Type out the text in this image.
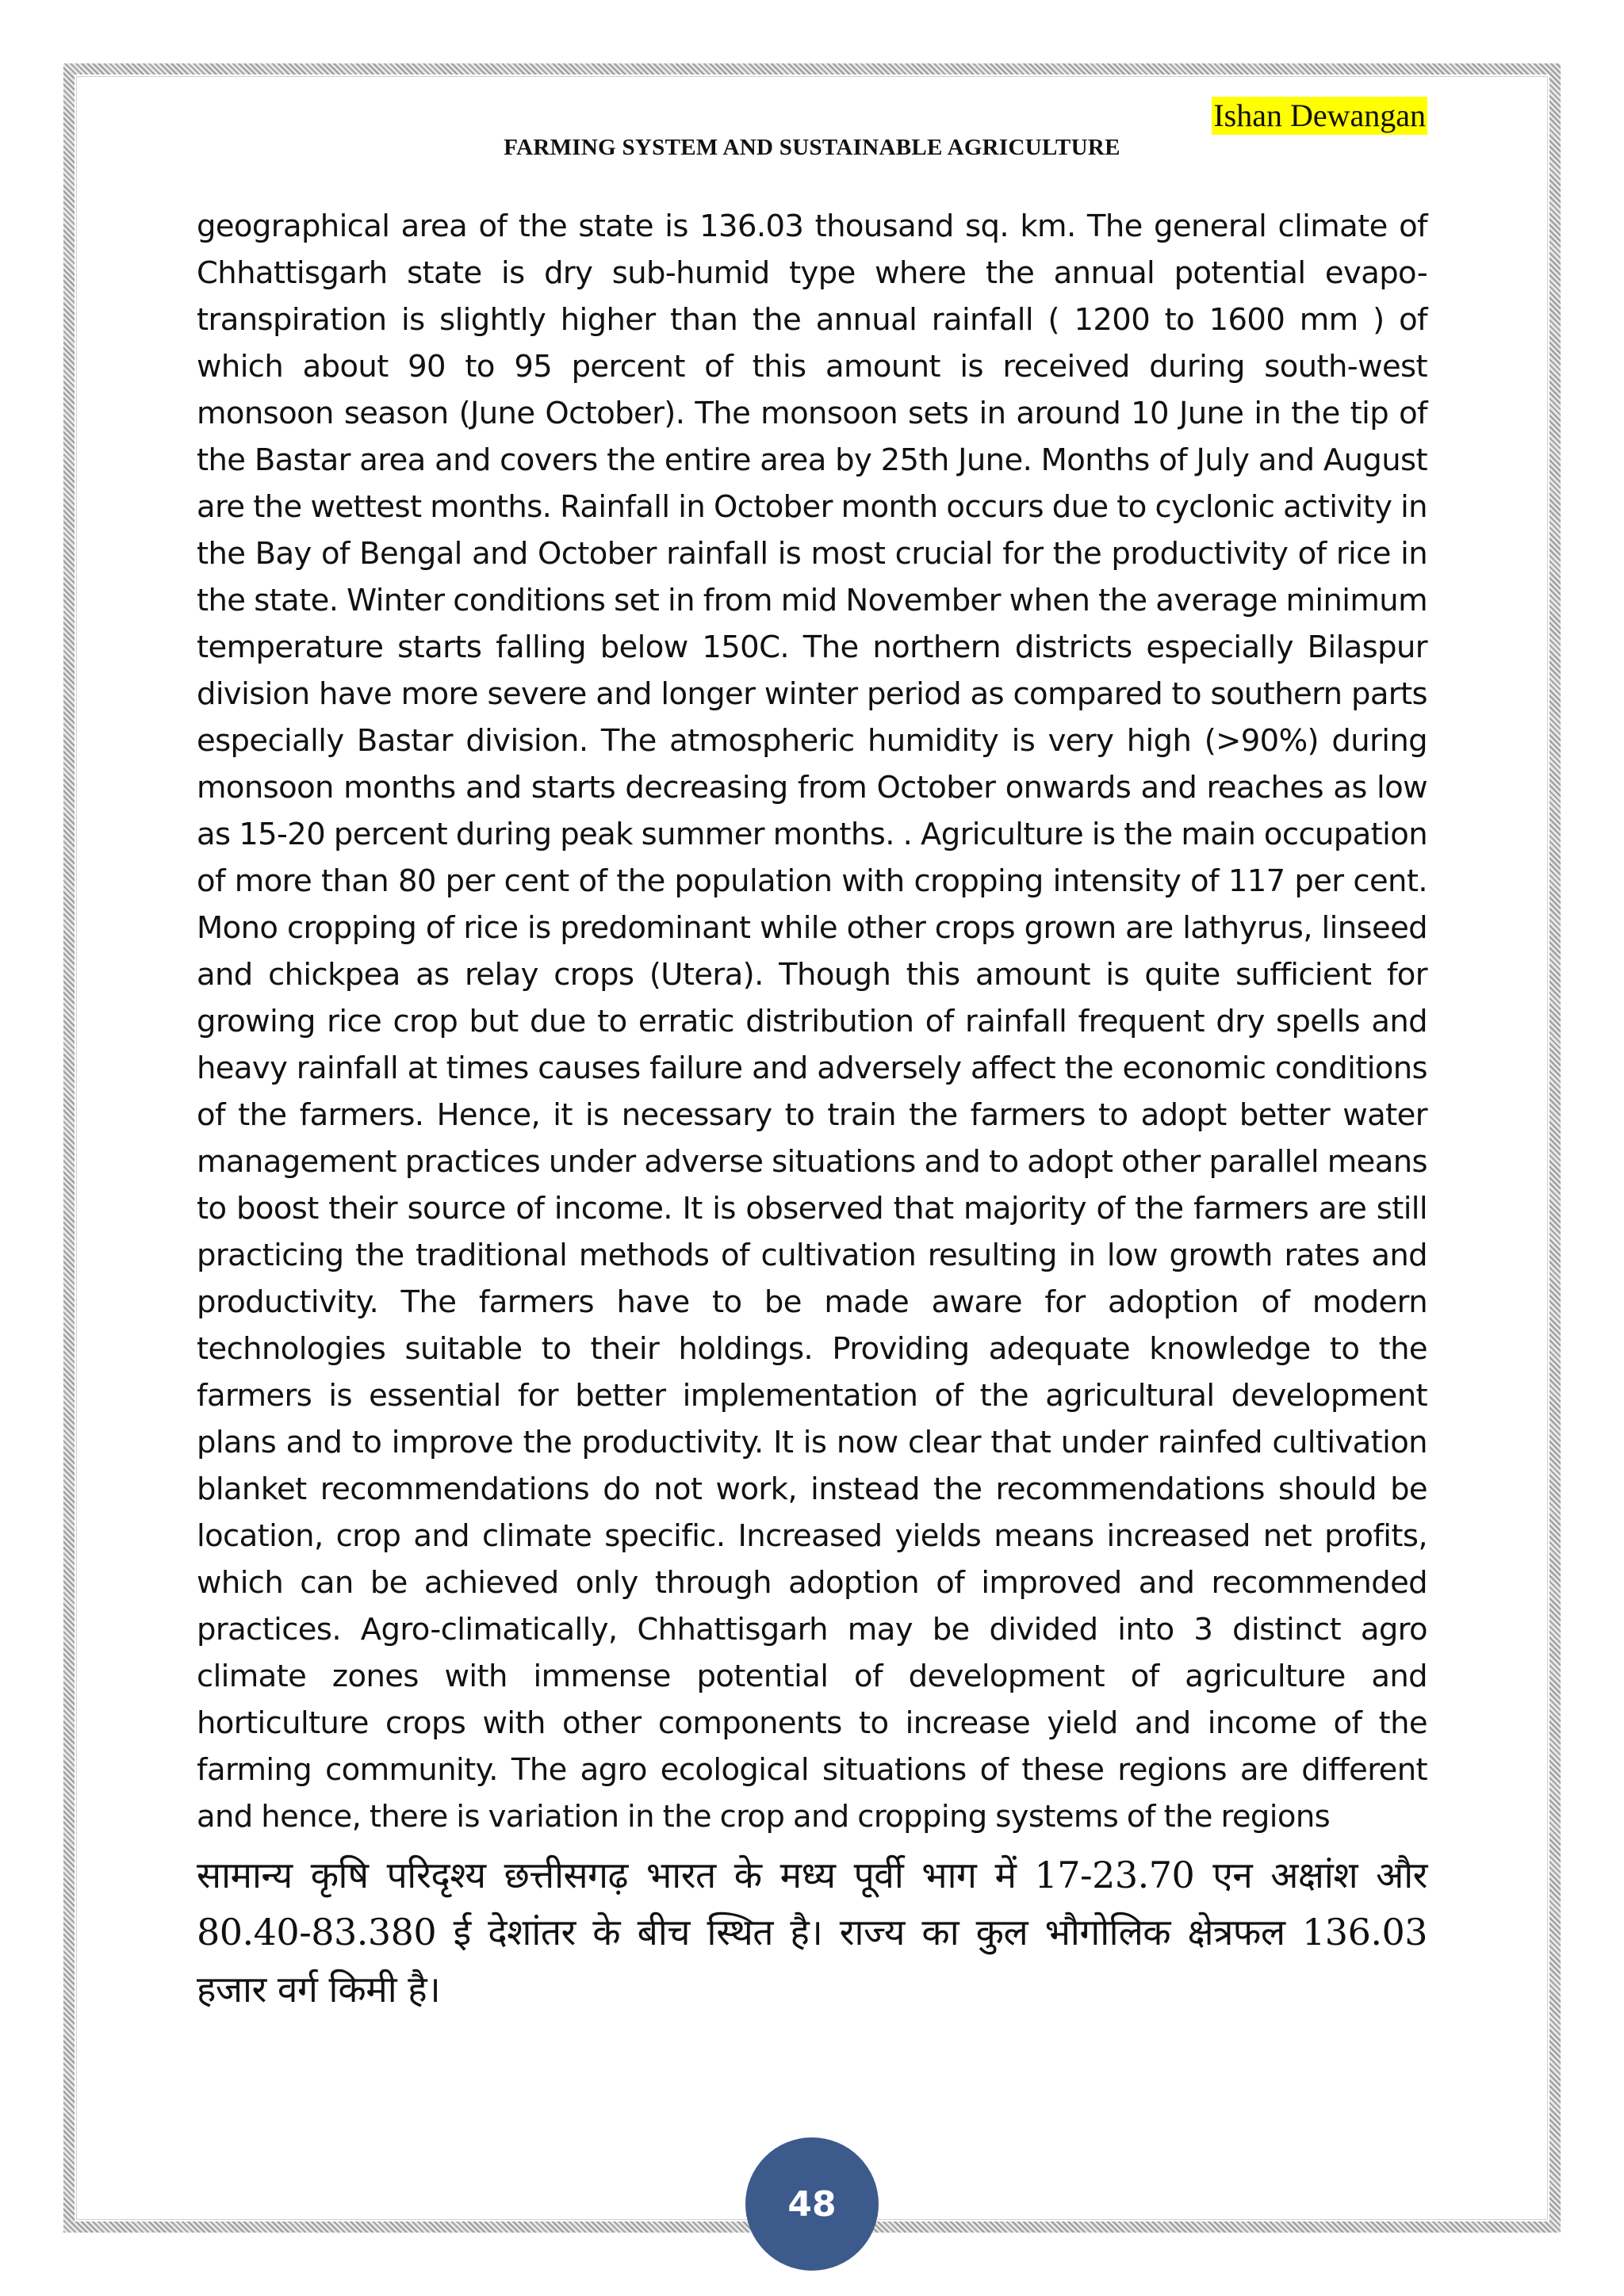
Ishan Dewangan
FARMING SYSTEM AND SUSTAINABLE AGRICULTURE

geographical area of the state is 136.03 thousand sq. km. The general climate of Chhattisgarh state is dry sub-humid type where the annual potential evapo-transpiration is slightly higher than the annual rainfall ( 1200 to 1600 mm ) of which about 90 to 95 percent of this amount is received during south-west monsoon season (June October). The monsoon sets in around 10 June in the tip of the Bastar area and covers the entire area by 25th June. Months of July and August are the wettest months. Rainfall in October month occurs due to cyclonic activity in the Bay of Bengal and October rainfall is most crucial for the productivity of rice in the state. Winter conditions set in from mid November when the average minimum temperature starts falling below 150C. The northern districts especially Bilaspur division have more severe and longer winter period as compared to southern parts especially Bastar division. The atmospheric humidity is very high (>90%) during monsoon months and starts decreasing from October onwards and reaches as low as 15-20 percent during peak summer months. . Agriculture is the main occupation of more than 80 per cent of the population with cropping intensity of 117 per cent. Mono cropping of rice is predominant while other crops grown are lathyrus, linseed and chickpea as relay crops (Utera). Though this amount is quite sufficient for growing rice crop but due to erratic distribution of rainfall frequent dry spells and heavy rainfall at times causes failure and adversely affect the economic conditions of the farmers. Hence, it is necessary to train the farmers to adopt better water management practices under adverse situations and to adopt other parallel means to boost their source of income. It is observed that majority of the farmers are still practicing the traditional methods of cultivation resulting in low growth rates and productivity. The farmers have to be made aware for adoption of modern technologies suitable to their holdings. Providing adequate knowledge to the farmers is essential for better implementation of the agricultural development plans and to improve the productivity. It is now clear that under rainfed cultivation blanket recommendations do not work, instead the recommendations should be location, crop and climate specific. Increased yields means increased net profits, which can be achieved only through adoption of improved and recommended practices. Agro-climatically, Chhattisgarh may be divided into 3 distinct agro climate zones with immense potential of development of agriculture and horticulture crops with other components to increase yield and income of the farming community. The agro ecological situations of these regions are different and hence, there is variation in the crop and cropping systems of the regions

सामान्य कृषि परिदृश्य छत्तीसगढ़ भारत के मध्य पूर्वी भाग में 17-23.70 एन अक्षांश और 80.40-83.380 ई देशांतर के बीच स्थित है। राज्य का कुल भौगोलिक क्षेत्रफल 136.03 हजार वर्ग किमी है।

48
